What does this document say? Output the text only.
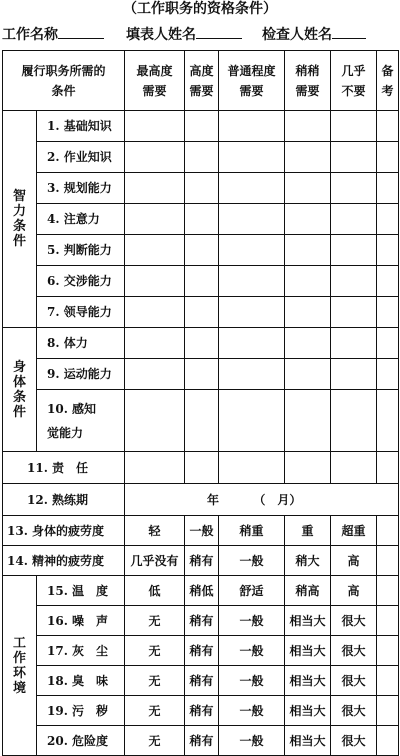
（工作职务的资格条件）
工作名称	填表人姓名	检查人姓名
履行职务所需的条件		最高度需要	高度需要	普通程度需要	稍稍需要	几乎不要	备考
智力条件	1. 基础知识						
	2. 作业知识						
	3. 规划能力						
	4. 注意力						
	5. 判断能力						
	6. 交涉能力						
	7. 领导能力						
身体条件	8. 体力						
	9. 运动能力						
	10. 感知觉能力						
11. 责　任							
12. 熟练期		年 （　月）					
13. 身体的疲劳度		轻	一般	稍重	重	超重	
14. 精神的疲劳度		几乎没有	稍有	一般	稍大	高	
工作环境	15. 温　度	低	稍低	舒适	稍高	高	
	16. 噪　声	无	稍有	一般	相当大	很大	
	17. 灰　尘	无	稍有	一般	相当大	很大	
	18. 臭　味	无	稍有	一般	相当大	很大	
	19. 污　秽	无	稍有	一般	相当大	很大	
	20. 危险度	无	稍有	一般	相当大	很大	
